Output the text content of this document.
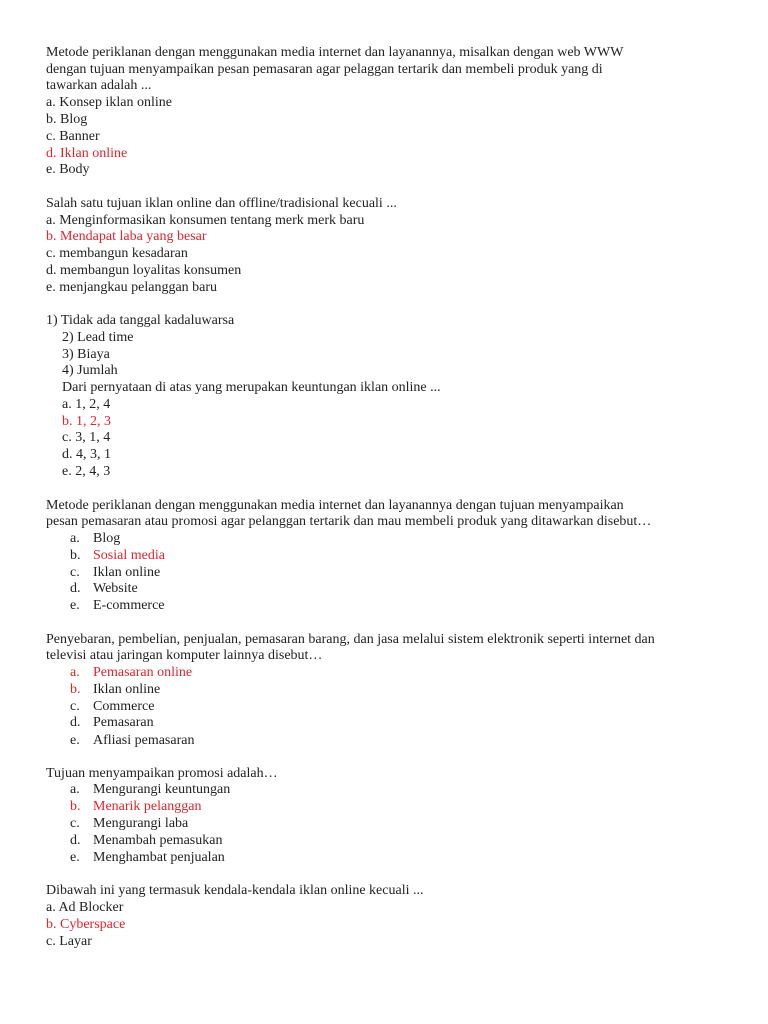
Metode periklanan dengan menggunakan media internet dan layanannya, misalkan dengan web WWW
dengan tujuan menyampaikan pesan pemasaran agar pelaggan tertarik dan membeli produk yang di
tawarkan adalah ...
a. Konsep iklan online
b. Blog
c. Banner
d. Iklan online
e. Body
Salah satu tujuan iklan online dan offline/tradisional kecuali ...
a. Menginformasikan konsumen tentang merk merk baru
b. Mendapat laba yang besar
c. membangun kesadaran
d. membangun loyalitas konsumen
e. menjangkau pelanggan baru
1) Tidak ada tanggal kadaluwarsa
2) Lead time
3) Biaya
4) Jumlah
Dari pernyataan di atas yang merupakan keuntungan iklan online ...
a. 1, 2, 4
b. 1, 2, 3
c. 3, 1, 4
d. 4, 3, 1
e. 2, 4, 3
Metode periklanan dengan menggunakan media internet dan layanannya dengan tujuan menyampaikan
pesan pemasaran atau promosi agar pelanggan tertarik dan mau membeli produk yang ditawarkan disebut…
a. Blog
b. Sosial media
c. Iklan online
d. Website
e. E-commerce
Penyebaran, pembelian, penjualan, pemasaran barang, dan jasa melalui sistem elektronik seperti internet dan
televisi atau jaringan komputer lainnya disebut…
a. Pemasaran online
b. Iklan online
c. Commerce
d. Pemasaran
e. Afliasi pemasaran
Tujuan menyampaikan promosi adalah…
a. Mengurangi keuntungan
b. Menarik pelanggan
c. Mengurangi laba
d. Menambah pemasukan
e. Menghambat penjualan
Dibawah ini yang termasuk kendala-kendala iklan online kecuali ...
a. Ad Blocker
b. Cyberspace
c. Layar
